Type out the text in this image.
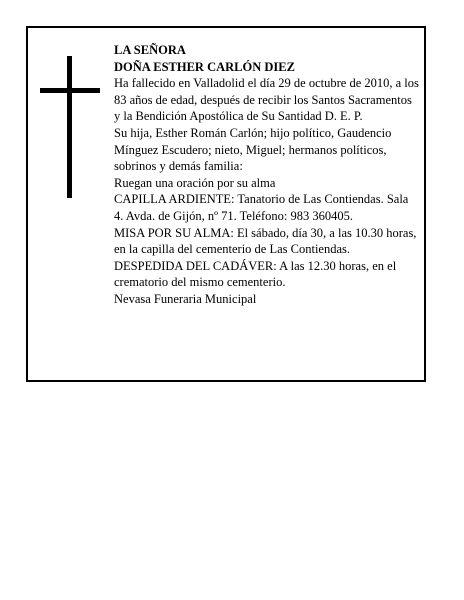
LA SEÑORA

DOÑA ESTHER CARLÓN DIEZ

Ha fallecido en Valladolid el día 29 de octubre de 2010, a los 83 años de edad, después de recibir los Santos Sacramentos y la Bendición Apostólica de Su Santidad D. E. P.

Su hija, Esther Román Carlón; hijo político, Gaudencio Mínguez Escudero; nieto, Miguel; hermanos políticos, sobrinos y demás familia:

Ruegan una oración por su alma

CAPILLA ARDIENTE: Tanatorio de Las Contiendas. Sala 4. Avda. de Gijón, nº 71. Teléfono: 983 360405.

MISA POR SU ALMA: El sábado, día 30, a las 10.30 horas, en la capilla del cementerio de Las Contiendas.

DESPEDIDA DEL CADÁVER: A las 12.30 horas, en el crematorio del mismo cementerio.

Nevasa Funeraria Municipal
